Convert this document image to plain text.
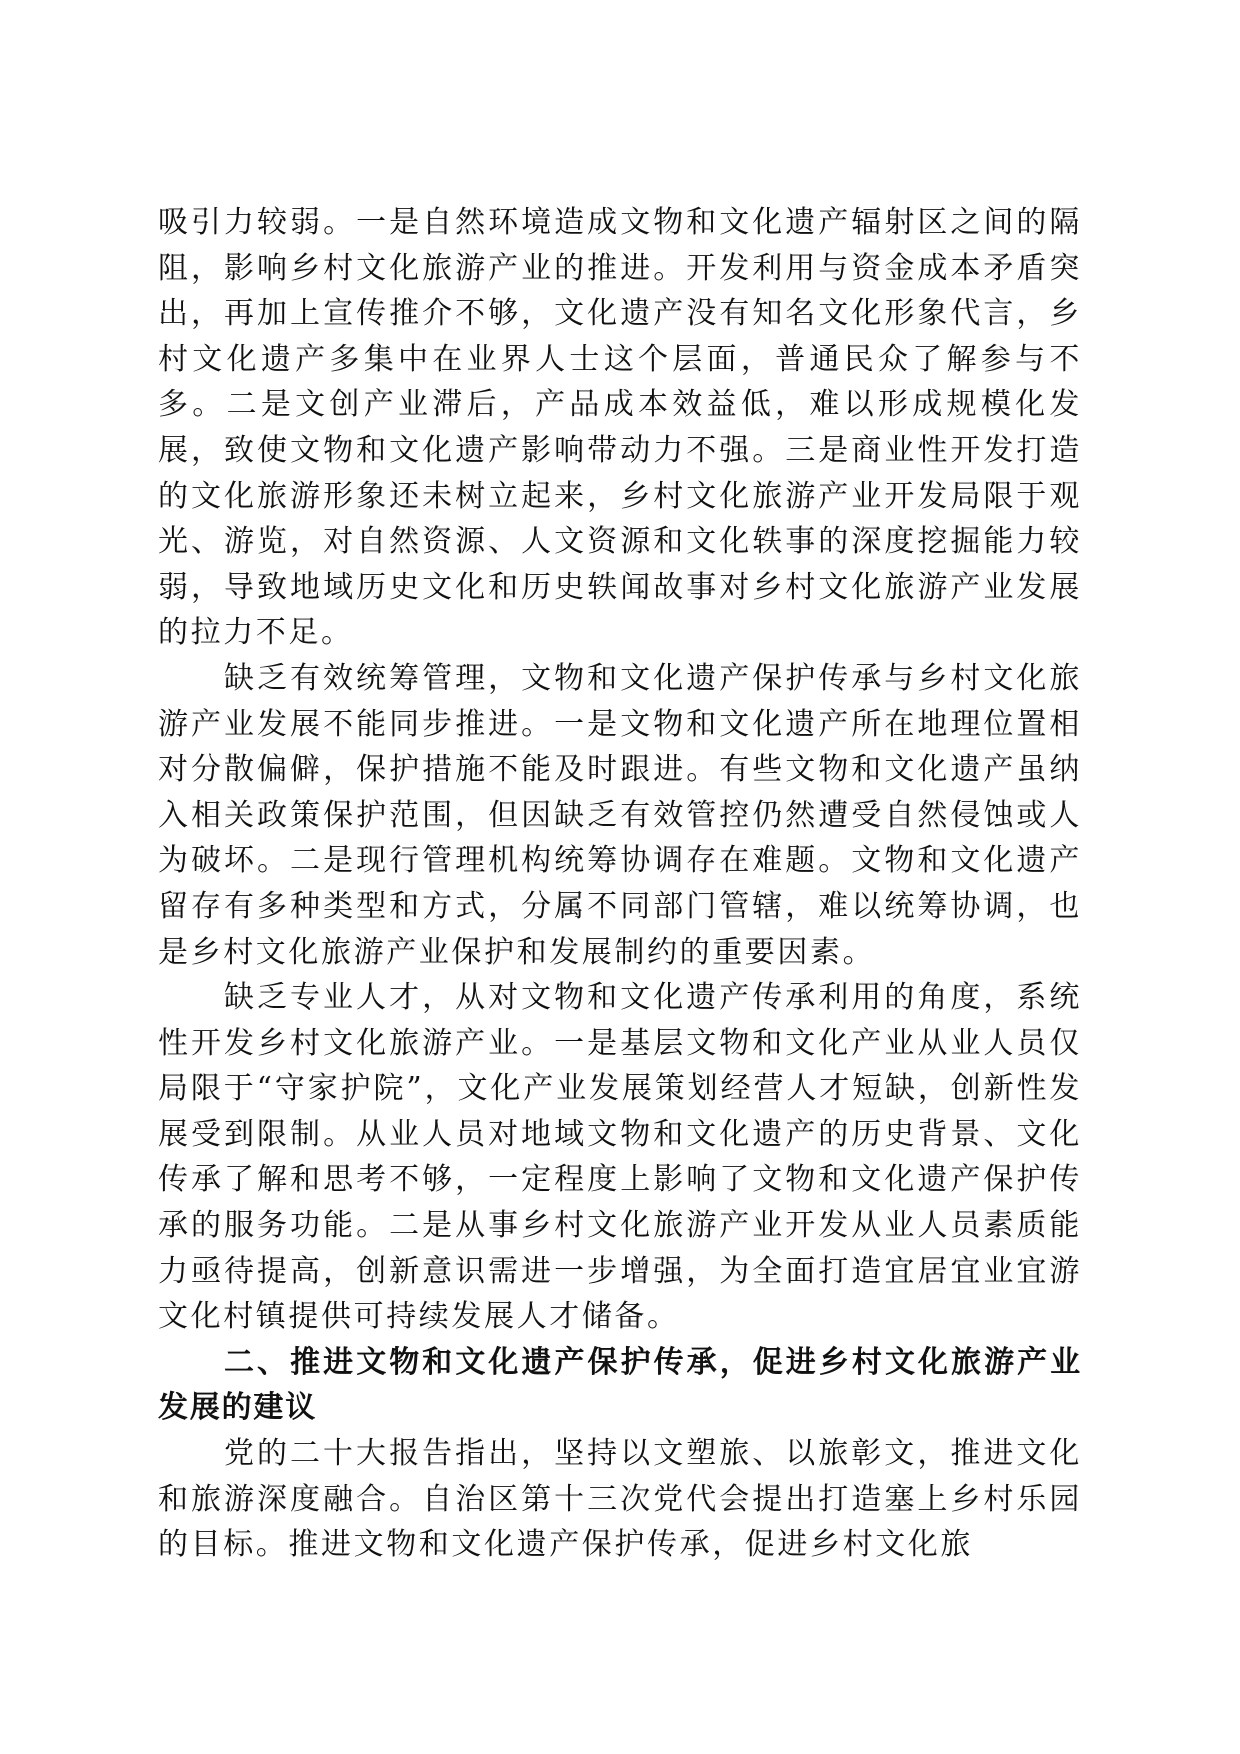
吸引力较弱。一是自然环境造成文物和文化遗产辐射区之间的隔阻，影响乡村文化旅游产业的推进。开发利用与资金成本矛盾突出，再加上宣传推介不够，文化遗产没有知名文化形象代言，乡村文化遗产多集中在业界人士这个层面，普通民众了解参与不多。二是文创产业滞后，产品成本效益低，难以形成规模化发展，致使文物和文化遗产影响带动力不强。三是商业性开发打造的文化旅游形象还未树立起来，乡村文化旅游产业开发局限于观光、游览，对自然资源、人文资源和文化轶事的深度挖掘能力较弱，导致地域历史文化和历史轶闻故事对乡村文化旅游产业发展的拉力不足。

缺乏有效统筹管理，文物和文化遗产保护传承与乡村文化旅游产业发展不能同步推进。一是文物和文化遗产所在地理位置相对分散偏僻，保护措施不能及时跟进。有些文物和文化遗产虽纳入相关政策保护范围，但因缺乏有效管控仍然遭受自然侵蚀或人为破坏。二是现行管理机构统筹协调存在难题。文物和文化遗产留存有多种类型和方式，分属不同部门管辖，难以统筹协调，也是乡村文化旅游产业保护和发展制约的重要因素。

缺乏专业人才，从对文物和文化遗产传承利用的角度，系统性开发乡村文化旅游产业。一是基层文物和文化产业从业人员仅局限于“守家护院”，文化产业发展策划经营人才短缺，创新性发展受到限制。从业人员对地域文物和文化遗产的历史背景、文化传承了解和思考不够，一定程度上影响了文物和文化遗产保护传承的服务功能。二是从事乡村文化旅游产业开发从业人员素质能力亟待提高，创新意识需进一步增强，为全面打造宜居宜业宜游文化村镇提供可持续发展人才储备。

二、推进文物和文化遗产保护传承，促进乡村文化旅游产业发展的建议

党的二十大报告指出，坚持以文塑旅、以旅彰文，推进文化和旅游深度融合。自治区第十三次党代会提出打造塞上乡村乐园的目标。推进文物和文化遗产保护传承，促进乡村文化旅
